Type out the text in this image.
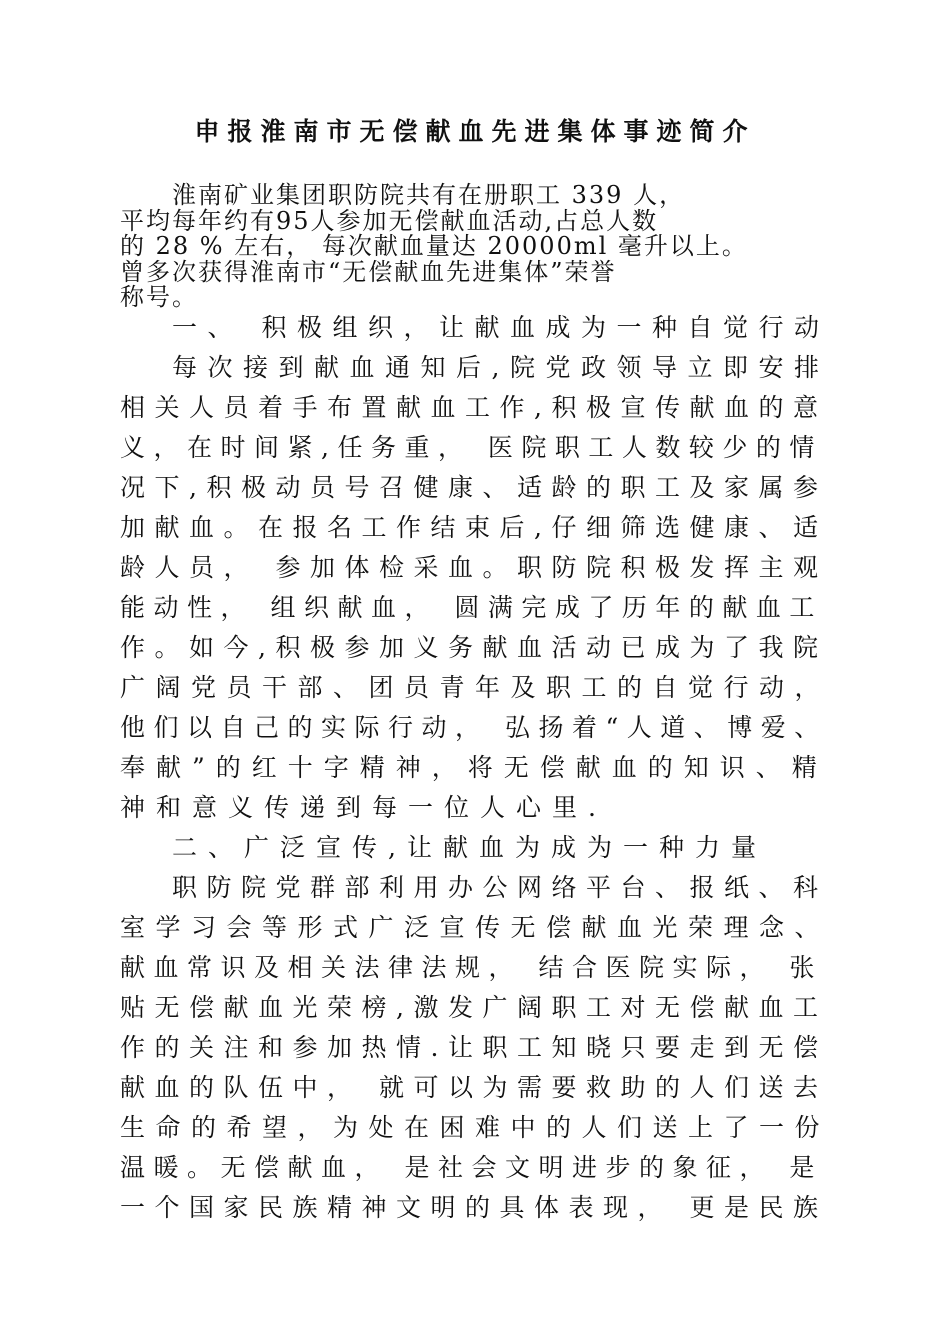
申报淮南市无偿献血先进集体事迹简介
淮南矿业集团职防院共有在册职工 339 人，
平均每年约有95人参加无偿献血活动,占总人数
的 28 % 左右， 每次献血量达 20000ml 毫升以上。
曾多次获得淮南市“无偿献血先进集体”荣誉
称号。
一、 积极组织，让献血成为一种自觉行动
每次接到献血通知后,院党政领导立即安排
相关人员着手布置献血工作,积极宣传献血的意
义，在时间紧,任务重， 医院职工人数较少的情
况下,积极动员号召健康、适龄的职工及家属参
加献血。在报名工作结束后,仔细筛选健康、适
龄人员， 参加体检采血。职防院积极发挥主观
能动性， 组织献血， 圆满完成了历年的献血工
作。如今,积极参加义务献血活动已成为了我院
广阔党员干部、团员青年及职工的自觉行动，
他们以自己的实际行动， 弘扬着“人道、博爱、
奉献”的红十字精神，将无偿献血的知识、精
神和意义传递到每一位人心里.
二、广泛宣传,让献血为成为一种力量
职防院党群部利用办公网络平台、报纸、科
室学习会等形式广泛宣传无偿献血光荣理念、
献血常识及相关法律法规， 结合医院实际， 张
贴无偿献血光荣榜,激发广阔职工对无偿献血工
作的关注和参加热情.让职工知晓只要走到无偿
献血的队伍中， 就可以为需要救助的人们送去
生命的希望，为处在困难中的人们送上了一份
温暖。无偿献血， 是社会文明进步的象征， 是
一个国家民族精神文明的具体表现， 更是民族
